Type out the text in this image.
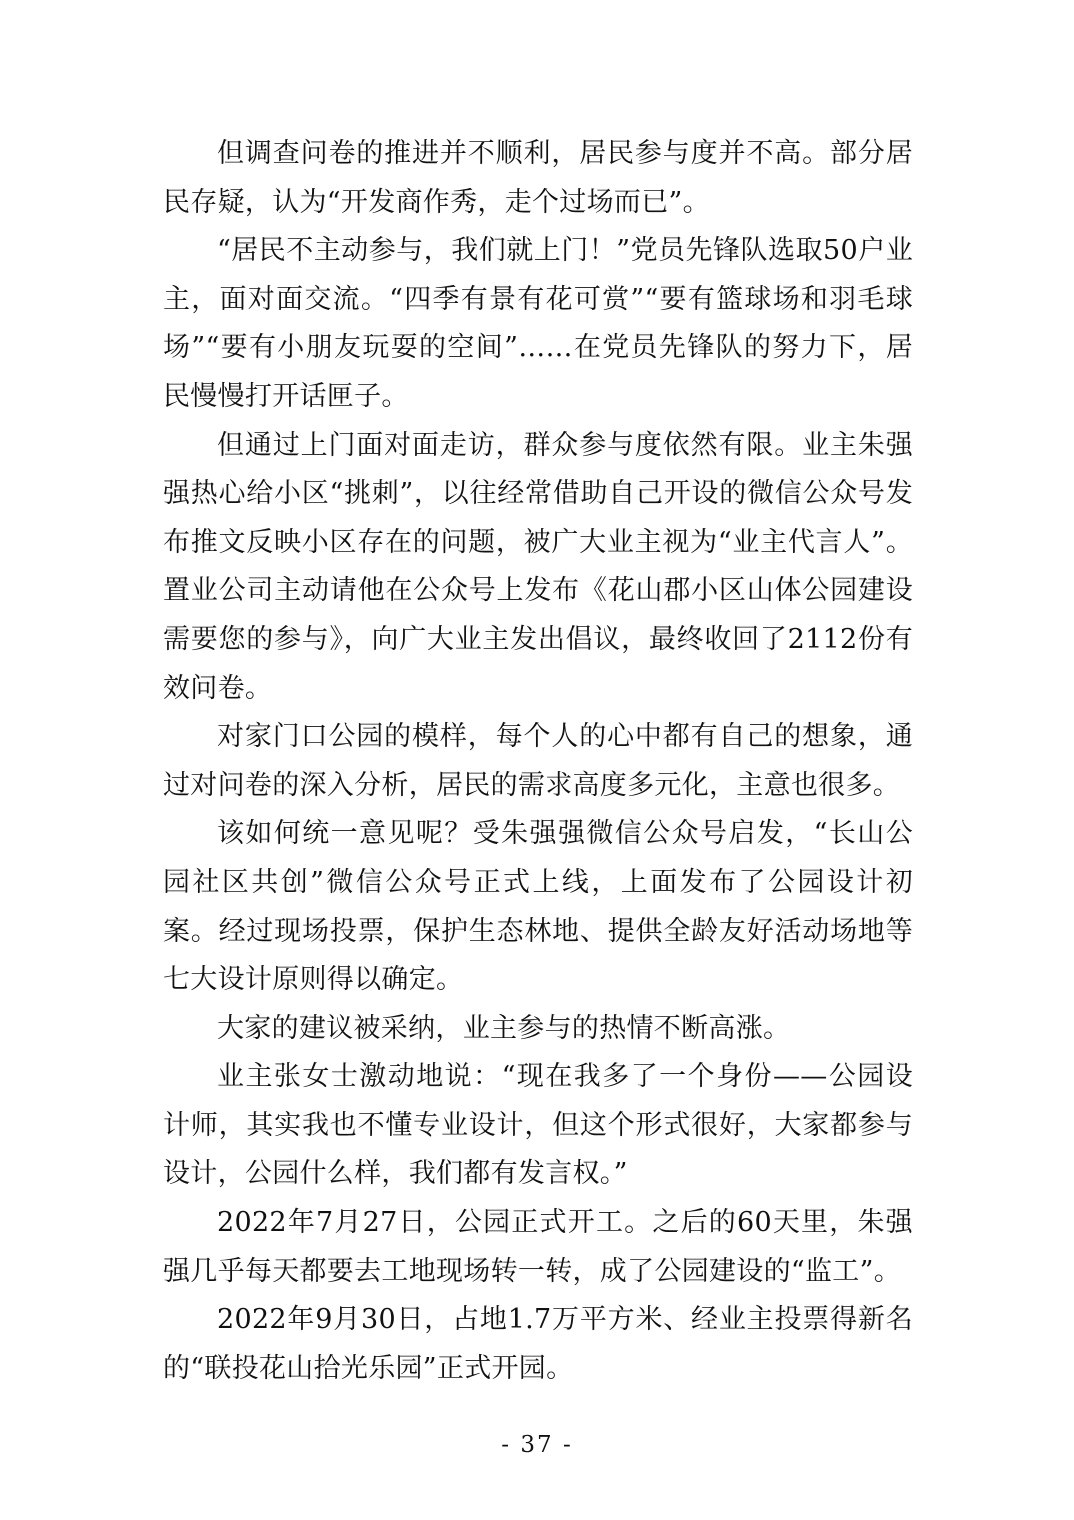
但调查问卷的推进并不顺利，居民参与度并不高。部分居民存疑，认为“开发商作秀，走个过场而已”。

“居民不主动参与，我们就上门！”党员先锋队选取50户业主，面对面交流。“四季有景有花可赏”“要有篮球场和羽毛球场”“要有小朋友玩耍的空间”……在党员先锋队的努力下，居民慢慢打开话匣子。

但通过上门面对面走访，群众参与度依然有限。业主朱强强热心给小区“挑刺”，以往经常借助自己开设的微信公众号发布推文反映小区存在的问题，被广大业主视为“业主代言人”。置业公司主动请他在公众号上发布《花山郡小区山体公园建设需要您的参与》，向广大业主发出倡议，最终收回了2112份有效问卷。

对家门口公园的模样，每个人的心中都有自己的想象，通过对问卷的深入分析，居民的需求高度多元化，主意也很多。

该如何统一意见呢？受朱强强微信公众号启发，“长山公园社区共创”微信公众号正式上线，上面发布了公园设计初案。经过现场投票，保护生态林地、提供全龄友好活动场地等七大设计原则得以确定。

大家的建议被采纳，业主参与的热情不断高涨。

业主张女士激动地说：“现在我多了一个身份——公园设计师，其实我也不懂专业设计，但这个形式很好，大家都参与设计，公园什么样，我们都有发言权。”

2022年7月27日，公园正式开工。之后的60天里，朱强强几乎每天都要去工地现场转一转，成了公园建设的“监工”。

2022年9月30日，占地1.7万平方米、经业主投票得新名的“联投花山拾光乐园”正式开园。

- 37 -
